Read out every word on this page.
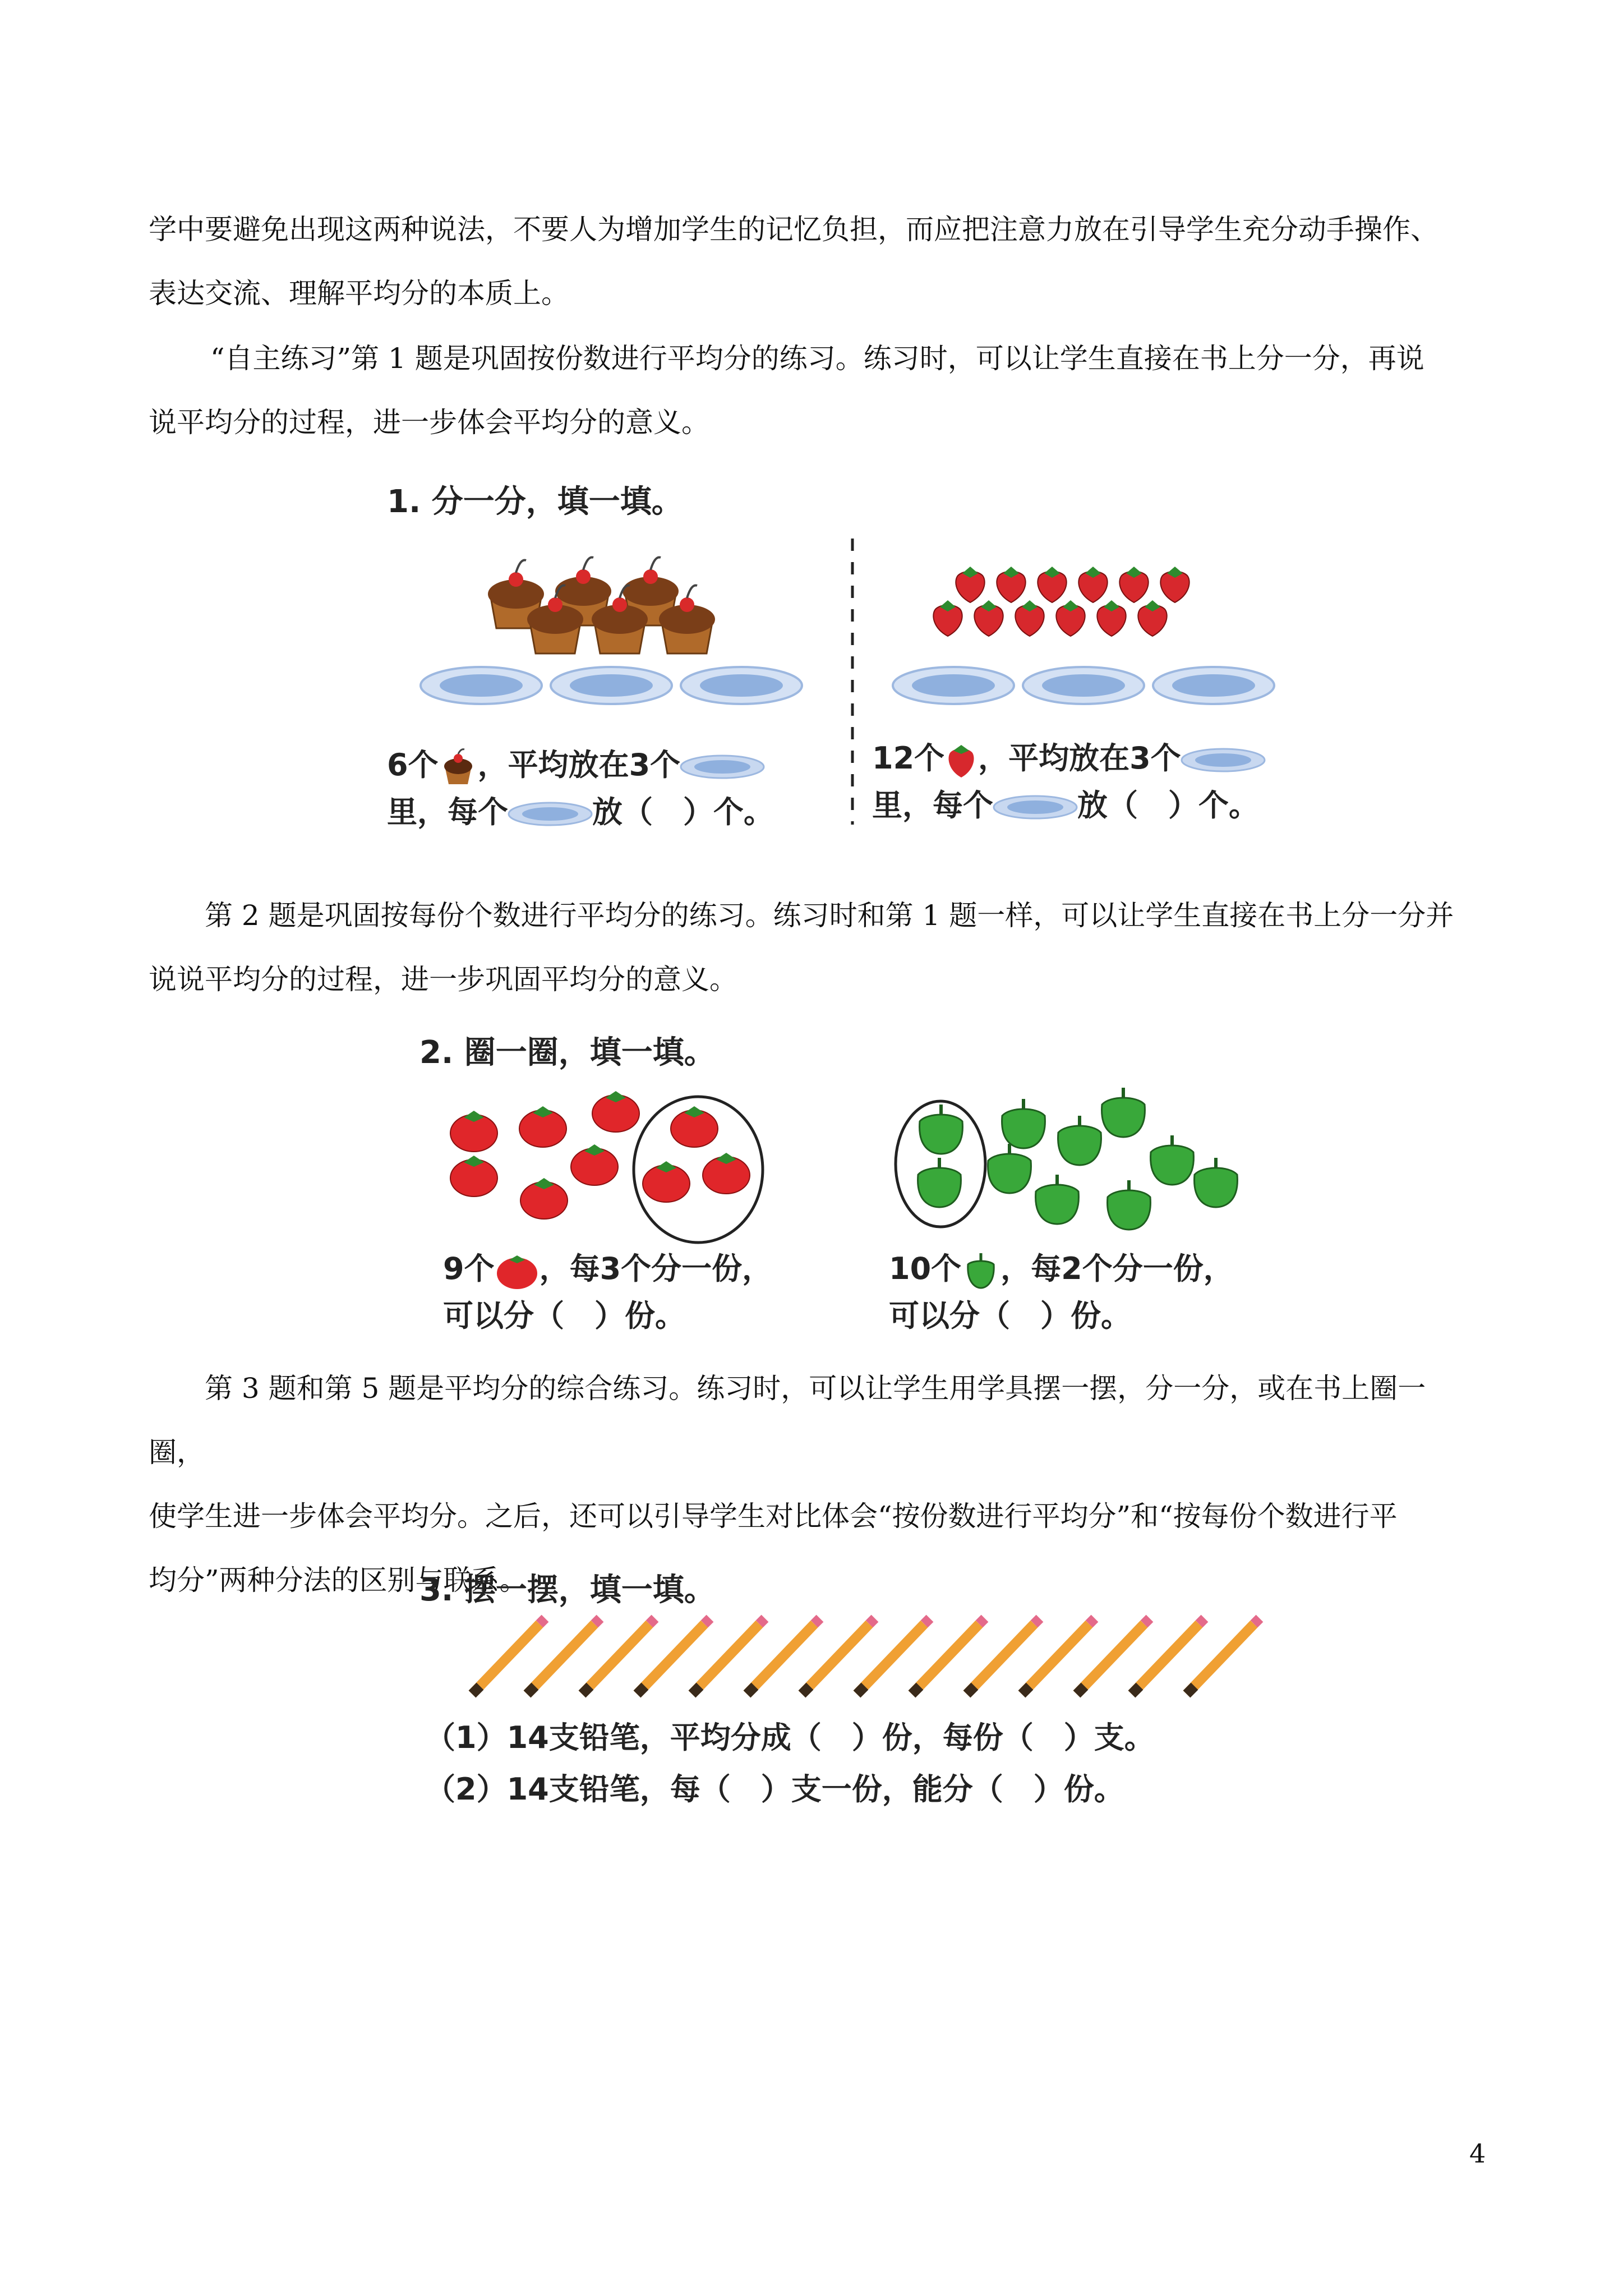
学中要避免出现这两种说法，不要人为增加学生的记忆负担，而应把注意力放在引导学生充分动手操作、

表达交流、理解平均分的本质上。

“自主练习”第 1 题是巩固按份数进行平均分的练习。练习时，可以让学生直接在书上分一分，再说

说平均分的过程，进一步体会平均分的意义。

1. 分一分，填一填。
6个 ，平均放在3个
里，每个	放（　）个。
12个 ，平均放在3个
里，每个	放（　）个。

第 2 题是巩固按每份个数进行平均分的练习。练习时和第 1 题一样，可以让学生直接在书上分一分并

说说平均分的过程，进一步巩固平均分的意义。

2. 圈一圈，填一填。
9个 ，每3个分一份，
可以分（　）份。
10个 ，每2个分一份，
可以分（　）份。

第 3 题和第 5 题是平均分的综合练习。练习时，可以让学生用学具摆一摆，分一分，或在书上圈一圈，

使学生进一步体会平均分。之后，还可以引导学生对比体会“按份数进行平均分”和“按每份个数进行平

均分”两种分法的区别与联系。

3. 摆一摆，填一填。
（1）14支铅笔，平均分成（　）份，每份（　）支。
（2）14支铅笔，每（　）支一份，能分（　）份。
4
